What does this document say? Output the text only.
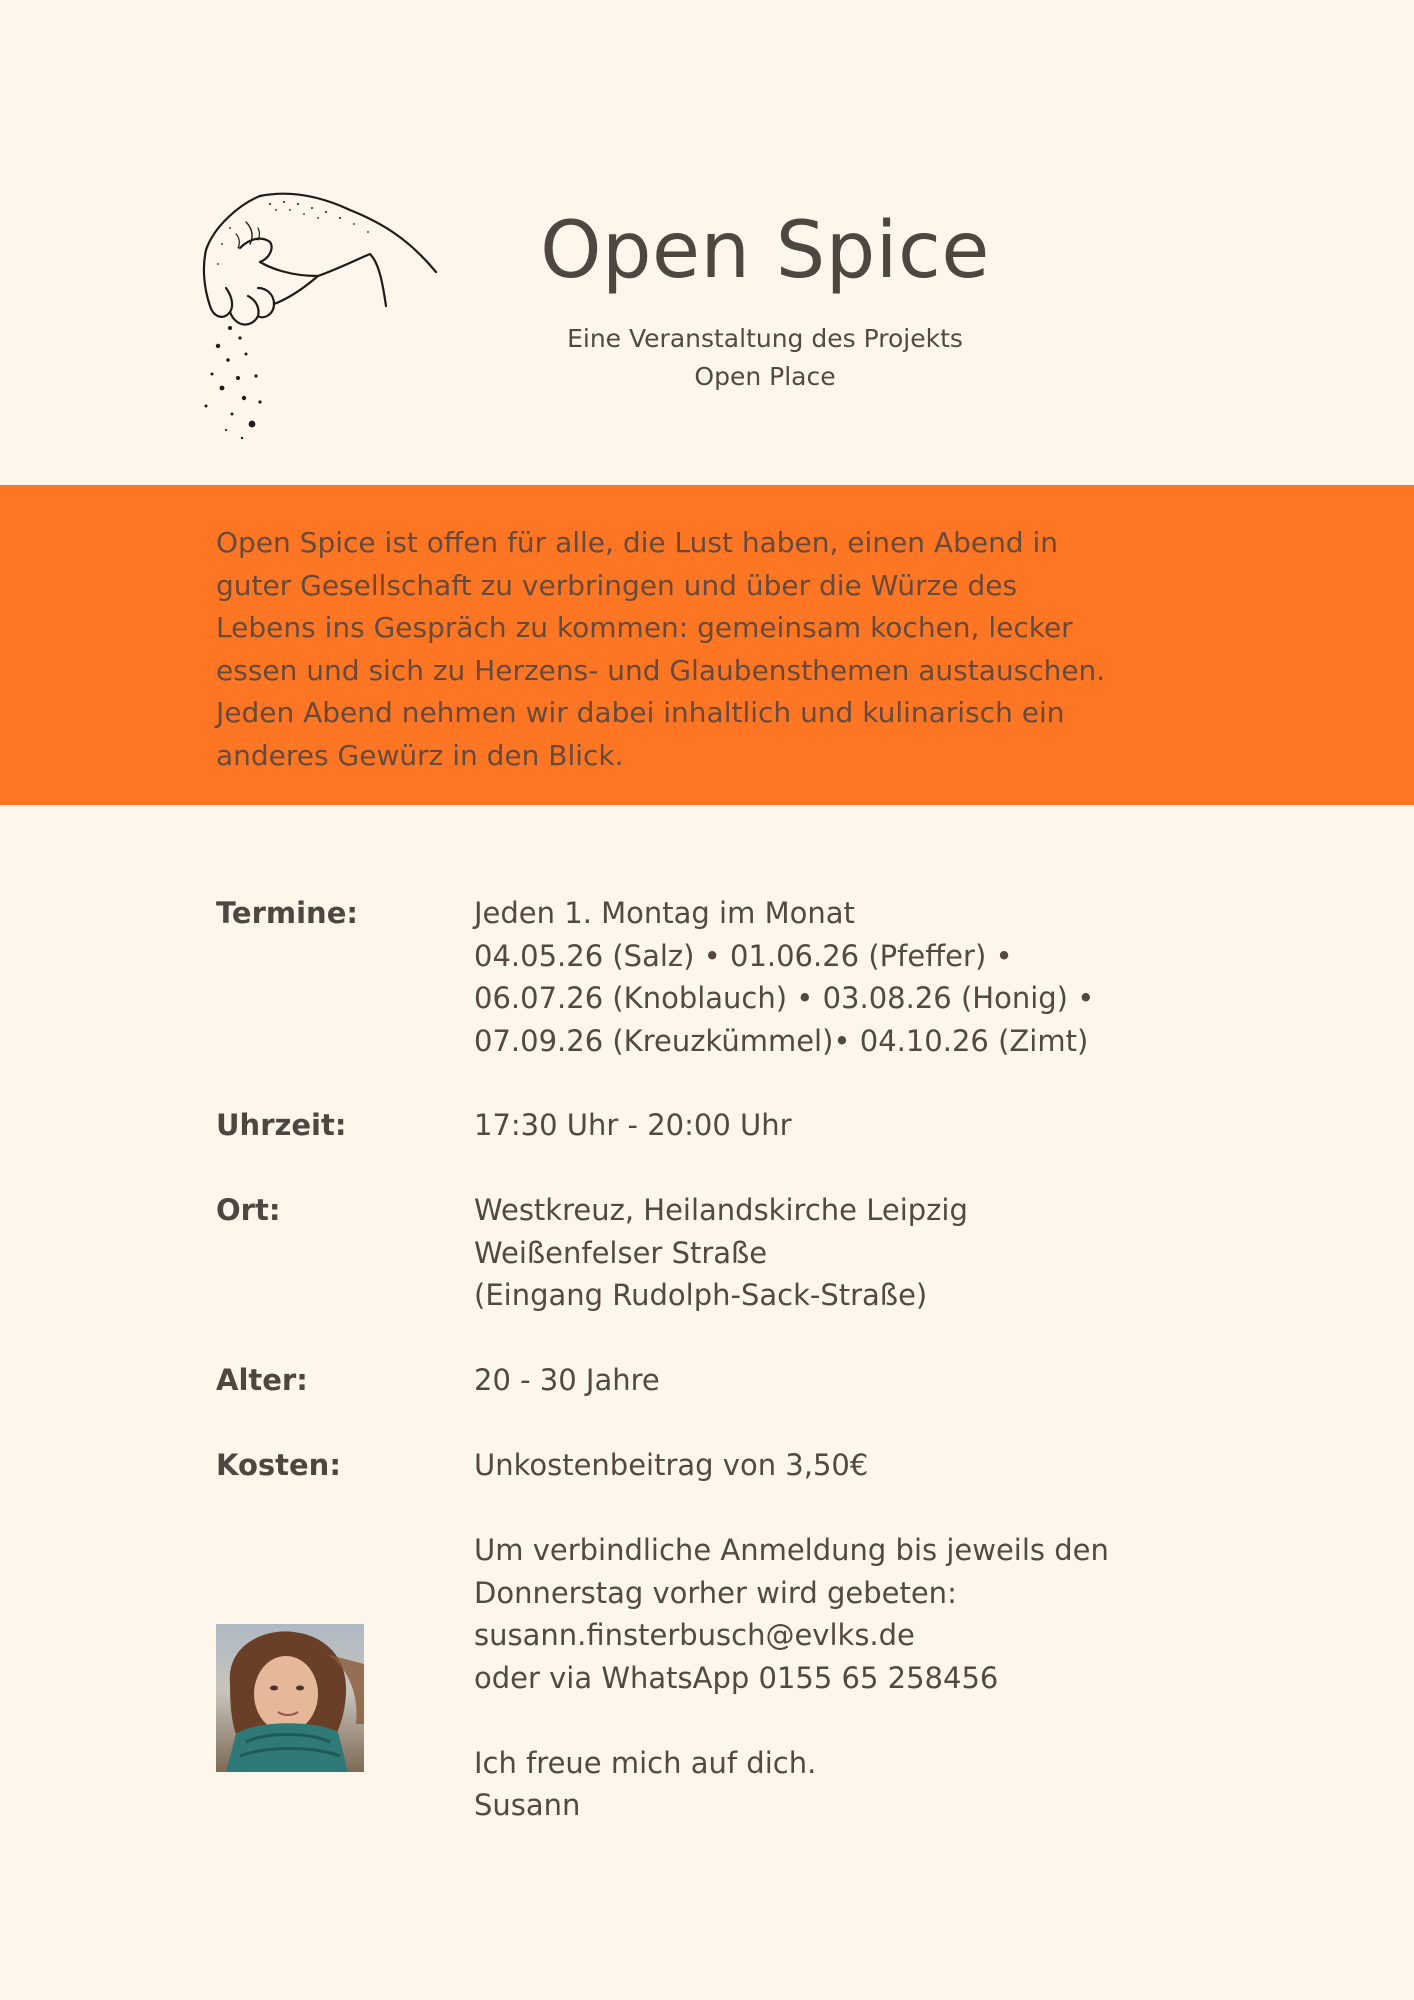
Open Spice
Eine Veranstaltung des Projekts
Open Place
Open Spice ist offen für alle, die Lust haben, einen Abend in
guter Gesellschaft zu verbringen und über die Würze des
Lebens ins Gespräch zu kommen: gemeinsam kochen, lecker
essen und sich zu Herzens- und Glaubensthemen austauschen.
Jeden Abend nehmen wir dabei inhaltlich und kulinarisch ein
anderes Gewürz in den Blick.
Termine:	Jeden 1. Montag im Monat
04.05.26 (Salz) • 01.06.26 (Pfeffer) •
06.07.26 (Knoblauch) • 03.08.26 (Honig) •
07.09.26 (Kreuzkümmel)• 04.10.26 (Zimt)
Uhrzeit:	17:30 Uhr - 20:00 Uhr
Ort:	Westkreuz, Heilandskirche Leipzig
Weißenfelser Straße
(Eingang Rudolph-Sack-Straße)
Alter:	20 - 30 Jahre
Kosten:	Unkostenbeitrag von 3,50€
Um verbindliche Anmeldung bis jeweils den
Donnerstag vorher wird gebeten:
susann.finsterbusch@evlks.de
oder via WhatsApp 0155 65 258456
Ich freue mich auf dich.
Susann
